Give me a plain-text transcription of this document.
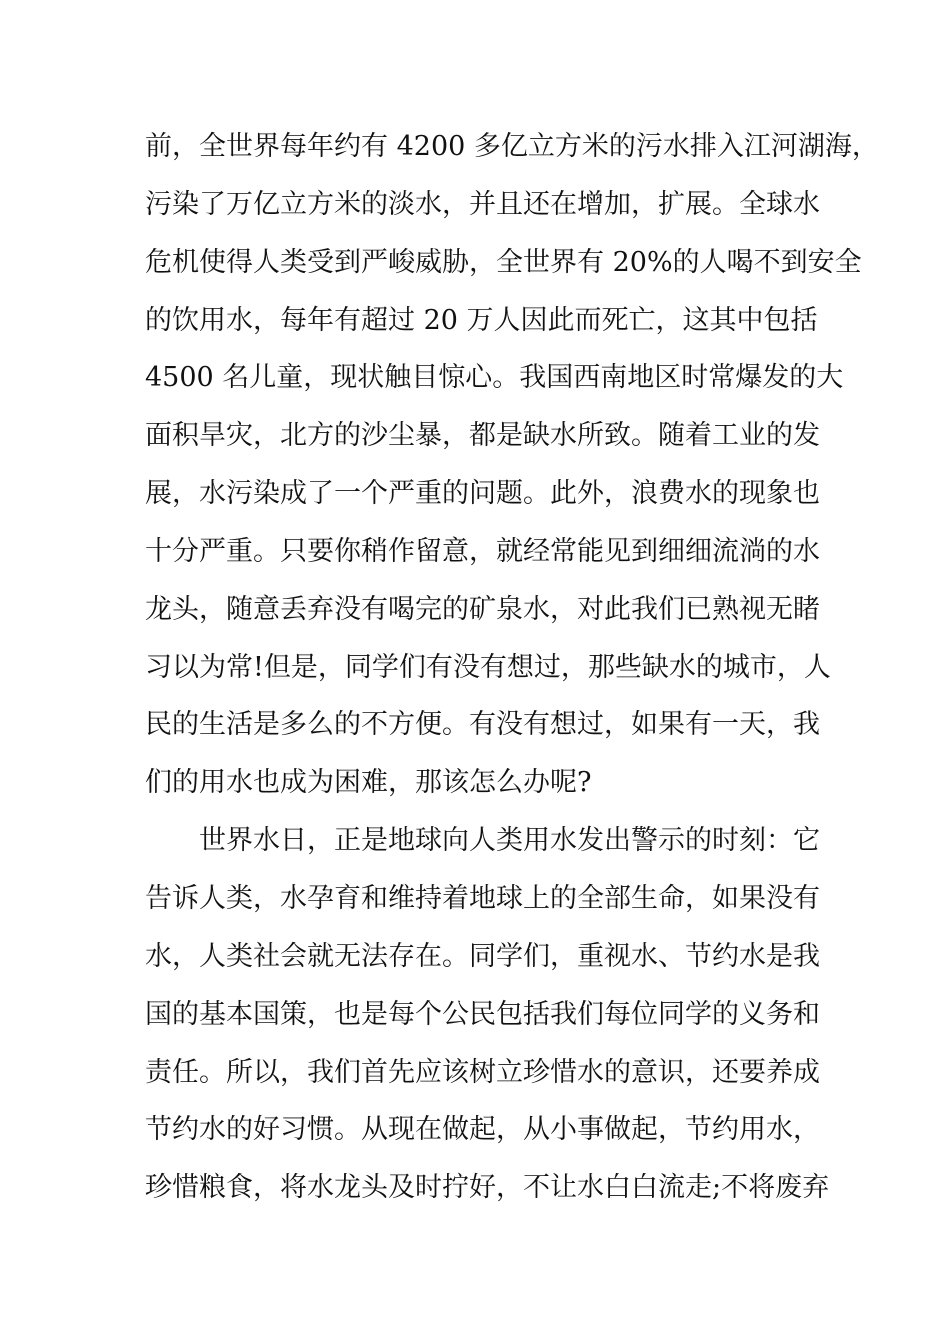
前，全世界每年约有 4200 多亿立方米的污水排入江河湖海，
污染了万亿立方米的淡水，并且还在增加，扩展。全球水
危机使得人类受到严峻威胁，全世界有 20%的人喝不到安全
的饮用水，每年有超过 20 万人因此而死亡，这其中包括
4500 名儿童，现状触目惊心。我国西南地区时常爆发的大
面积旱灾，北方的沙尘暴，都是缺水所致。随着工业的发
展，水污染成了一个严重的问题。此外，浪费水的现象也
十分严重。只要你稍作留意，就经常能见到细细流淌的水
龙头，随意丢弃没有喝完的矿泉水，对此我们已熟视无睹
习以为常!但是，同学们有没有想过，那些缺水的城市，人
民的生活是多么的不方便。有没有想过，如果有一天，我
们的用水也成为困难，那该怎么办呢?
世界水日，正是地球向人类用水发出警示的时刻：它
告诉人类，水孕育和维持着地球上的全部生命，如果没有
水，人类社会就无法存在。同学们，重视水、节约水是我
国的基本国策，也是每个公民包括我们每位同学的义务和
责任。所以，我们首先应该树立珍惜水的意识，还要养成
节约水的好习惯。从现在做起，从小事做起，节约用水，
珍惜粮食，将水龙头及时拧好，不让水白白流走;不将废弃
